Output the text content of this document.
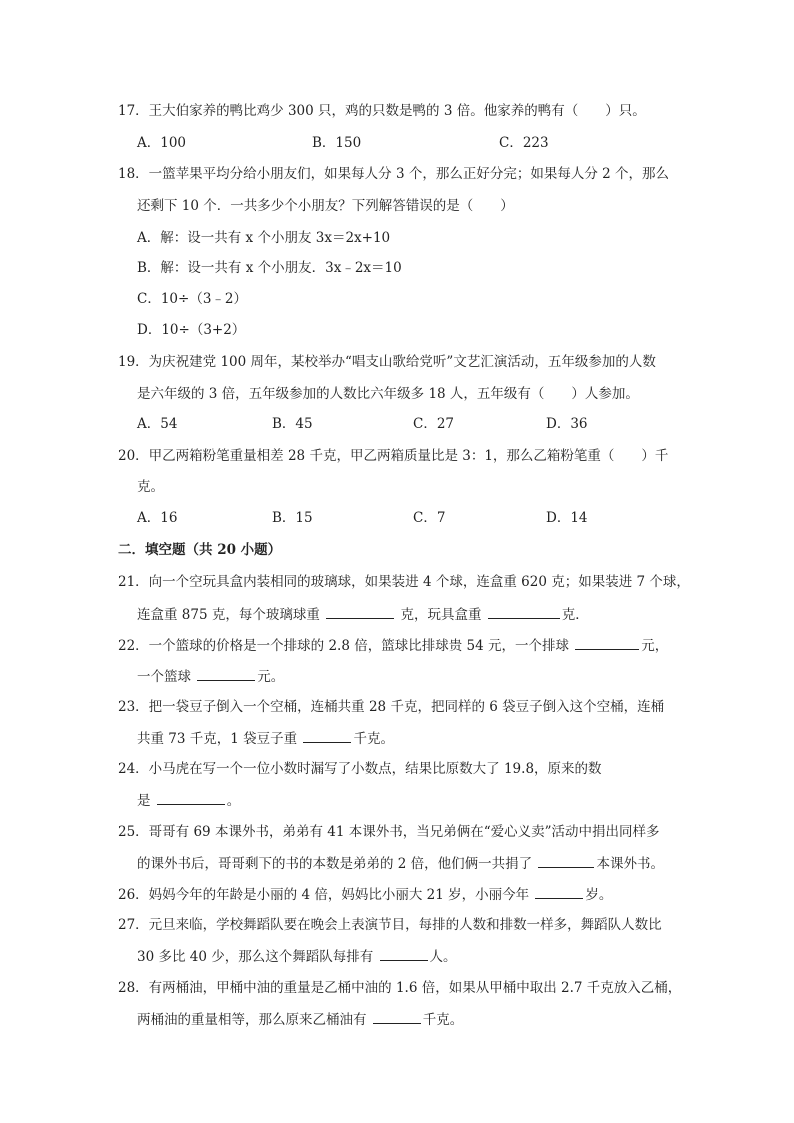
17．王大伯家养的鸭比鸡少 300 只，鸡的只数是鸭的 3 倍。他家养的鸭有（　　）只。
A．100	B．150	C．223
18．一篮苹果平均分给小朋友们，如果每人分 3 个，那么正好分完；如果每人分 2 个，那么
还剩下 10 个．一共多少个小朋友？下列解答错误的是（　　）
A．解：设一共有 x 个小朋友 3x＝2x+10
B．解：设一共有 x 个小朋友．3x﹣2x＝10
C．10÷（3﹣2）
D．10÷（3+2）
19．为庆祝建党 100 周年，某校举办“唱支山歌给党听”文艺汇演活动，五年级参加的人数
是六年级的 3 倍，五年级参加的人数比六年级多 18 人，五年级有（　　）人参加。
A．54	B．45	C．27	D．36
20．甲乙两箱粉笔重量相差 28 千克，甲乙两箱质量比是 3：1，那么乙箱粉笔重（　　）千
克。
A．16	B．15	C．7	D．14
二．填空题（共 20 小题）
21．向一个空玩具盒内装相同的玻璃球，如果装进 4 个球，连盒重 620 克；如果装进 7 个球，
连盒重 875 克，每个玻璃球重	克，玩具盒重	克．
22．一个篮球的价格是一个排球的 2.8 倍，篮球比排球贵 54 元，一个排球	元，
一个篮球	元。
23．把一袋豆子倒入一个空桶，连桶共重 28 千克，把同样的 6 袋豆子倒入这个空桶，连桶
共重 73 千克，1 袋豆子重	千克。
24．小马虎在写一个一位小数时漏写了小数点，结果比原数大了 19.8，原来的数
是	。
25．哥哥有 69 本课外书，弟弟有 41 本课外书，当兄弟俩在“爱心义卖”活动中捐出同样多
的课外书后，哥哥剩下的书的本数是弟弟的 2 倍，他们俩一共捐了	本课外书。
26．妈妈今年的年龄是小丽的 4 倍，妈妈比小丽大 21 岁，小丽今年	岁。
27．元旦来临，学校舞蹈队要在晚会上表演节目，每排的人数和排数一样多，舞蹈队人数比
30 多比 40 少，那么这个舞蹈队每排有	人。
28．有两桶油，甲桶中油的重量是乙桶中油的 1.6 倍，如果从甲桶中取出 2.7 千克放入乙桶，
两桶油的重量相等，那么原来乙桶油有	千克。
